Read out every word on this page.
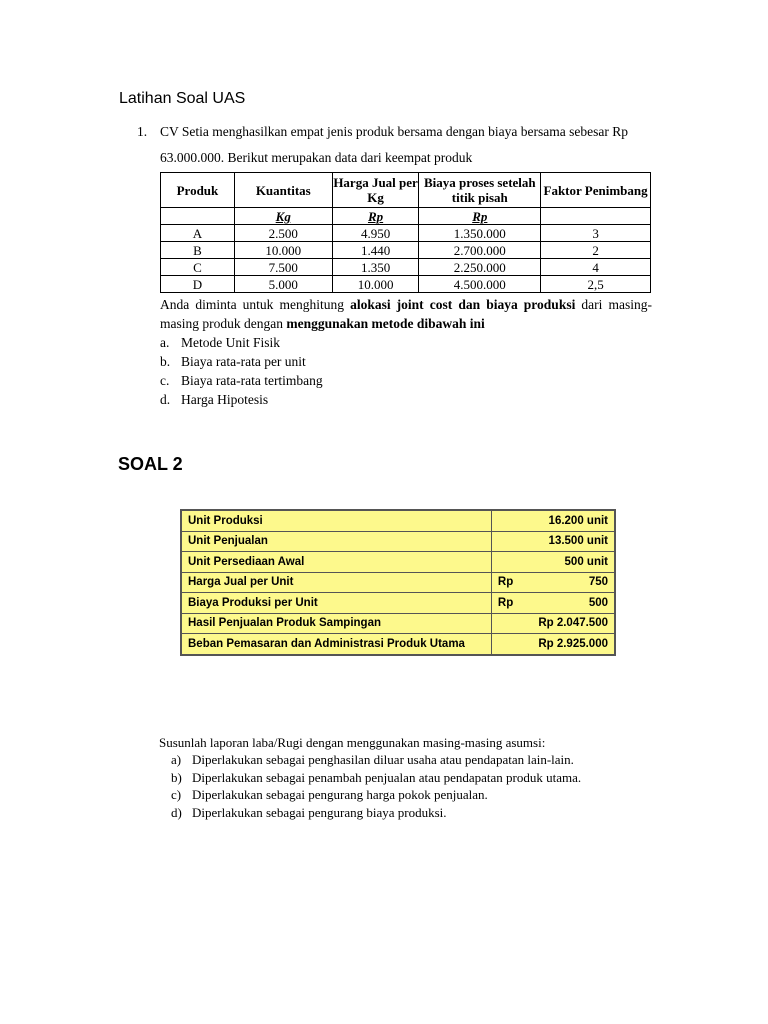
Latihan Soal UAS
1. CV Setia menghasilkan empat jenis produk bersama dengan biaya bersama sebesar Rp
63.000.000. Berikut merupakan data dari keempat produk
Produk	Kuantitas	Harga Jual per Kg	Biaya proses setelah titik pisah	Faktor Penimbang
	Kg	Rp	Rp	
A	2.500	4.950	1.350.000	3
B	10.000	1.440	2.700.000	2
C	7.500	1.350	2.250.000	4
D	5.000	10.000	4.500.000	2,5
Anda diminta untuk menghitung alokasi joint cost dan biaya produksi dari masing-masing produk dengan menggunakan metode dibawah ini
a. Metode Unit Fisik
b. Biaya rata-rata per unit
c. Biaya rata-rata tertimbang
d. Harga Hipotesis
SOAL 2
Unit Produksi	16.200 unit
Unit Penjualan	13.500 unit
Unit Persediaan Awal	500 unit
Harga Jual per Unit	Rp 750
Biaya Produksi per Unit	Rp 500
Hasil Penjualan Produk Sampingan	Rp 2.047.500
Beban Pemasaran dan Administrasi Produk Utama	Rp 2.925.000
Susunlah laporan laba/Rugi dengan menggunakan masing-masing asumsi:
a) Diperlakukan sebagai penghasilan diluar usaha atau pendapatan lain-lain.
b) Diperlakukan sebagai penambah penjualan atau pendapatan produk utama.
c) Diperlakukan sebagai pengurang harga pokok penjualan.
d) Diperlakukan sebagai pengurang biaya produksi.
